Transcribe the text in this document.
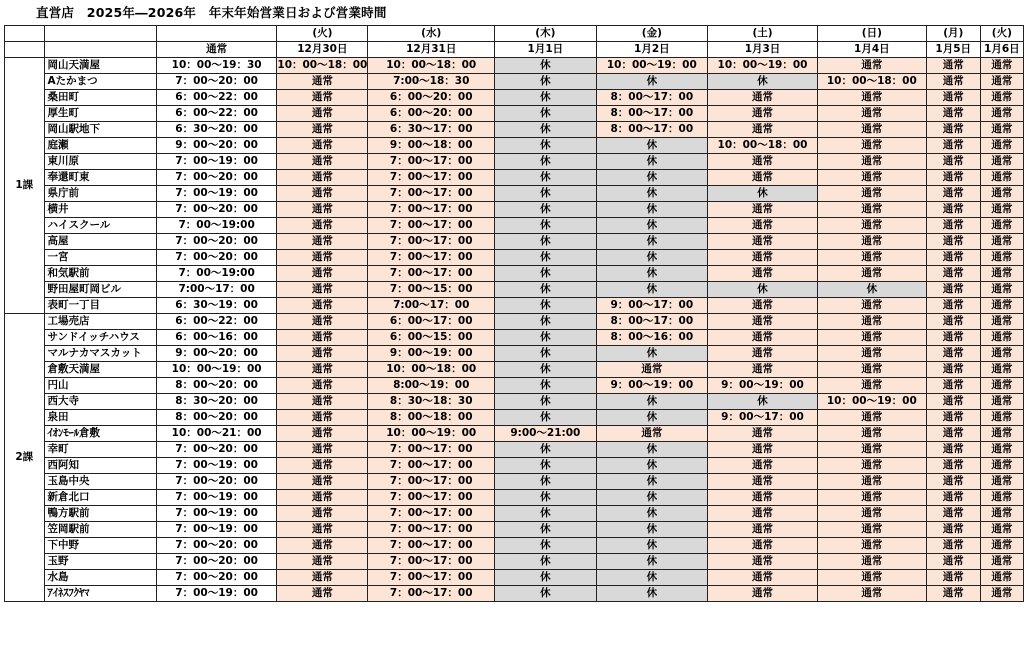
直営店　2025年―2026年　年末年始営業日および営業時間
			(火)	(水)	(木)	(金)	(土)	(日)	(月)	(火)
		通常	12月30日	12月31日	1月1日	1月2日	1月3日	1月4日	1月5日	1月6日
1課	岡山天満屋	10：00～19：30	10：00～18：00	10：00～18：00	休	10：00～19：00	10：00～19：00	通常	通常	通常
	Aたかまつ	7：00～20：00	通常	7:00～18：30	休	休	休	10：00～18：00	通常	通常
	桑田町	6：00～22：00	通常	6：00～20：00	休	8：00～17：00	通常	通常	通常	通常
	厚生町	6：00～22：00	通常	6：00～20：00	休	8：00～17：00	通常	通常	通常	通常
	岡山駅地下	6：30～20：00	通常	6：30～17：00	休	8：00～17：00	通常	通常	通常	通常
	庭瀬	9：00～20：00	通常	9：00～18：00	休	休	10：00～18：00	通常	通常	通常
	東川原	7：00～19：00	通常	7：00～17：00	休	休	通常	通常	通常	通常
	奉還町東	7：00～20：00	通常	7：00～17：00	休	休	通常	通常	通常	通常
	県庁前	7：00～19：00	通常	7：00～17：00	休	休	休	通常	通常	通常
	横井	7：00～20：00	通常	7：00～17：00	休	休	通常	通常	通常	通常
	ハイスクール	7：00～19:00	通常	7：00～17：00	休	休	通常	通常	通常	通常
	高屋	7：00～20：00	通常	7：00～17：00	休	休	通常	通常	通常	通常
	一宮	7：00～20：00	通常	7：00～17：00	休	休	通常	通常	通常	通常
	和気駅前	7：00～19:00	通常	7：00～17：00	休	休	通常	通常	通常	通常
	野田屋町岡ビル	7:00～17：00	通常	7：00～15：00	休	休	休	休	通常	通常
	表町一丁目	6：30～19：00	通常	7:00～17：00	休	9：00～17：00	通常	通常	通常	通常
2課	工場売店	6：00～22：00	通常	6：00～17：00	休	8：00～17：00	通常	通常	通常	通常
	サンドイッチハウス	6：00～16：00	通常	6：00～15：00	休	8：00～16：00	通常	通常	通常	通常
	マルナカマスカット	9：00～20：00	通常	9：00～19：00	休	休	通常	通常	通常	通常
	倉敷天満屋	10：00～19：00	通常	10：00～18：00	休	通常	通常	通常	通常	通常
	円山	8：00～20：00	通常	8:00～19：00	休	9：00～19：00	9：00～19：00	通常	通常	通常
	西大寺	8：30～20：00	通常	8：30～18：30	休	休	休	10：00～19：00	通常	通常
	泉田	8：00～20：00	通常	8：00～18：00	休	休	9：00～17：00	通常	通常	通常
	ｲｵﾝﾓｰﾙ倉敷	10：00～21：00	通常	10：00～19：00	9:00～21:00	通常	通常	通常	通常	通常
	幸町	7：00～20：00	通常	7：00～17：00	休	休	通常	通常	通常	通常
	西阿知	7：00～19：00	通常	7：00～17：00	休	休	通常	通常	通常	通常
	玉島中央	7：00～20：00	通常	7：00～17：00	休	休	通常	通常	通常	通常
	新倉北口	7：00～19：00	通常	7：00～17：00	休	休	通常	通常	通常	通常
	鴨方駅前	7：00～19：00	通常	7：00～17：00	休	休	通常	通常	通常	通常
	笠岡駅前	7：00～19：00	通常	7：00～17：00	休	休	通常	通常	通常	通常
	下中野	7：00～20：00	通常	7：00～17：00	休	休	通常	通常	通常	通常
	玉野	7：00～20：00	通常	7：00～17：00	休	休	通常	通常	通常	通常
	水島	7：00～20：00	通常	7：00～17：00	休	休	通常	通常	通常	通常
	ｱｲﾈｽﾌｸﾔﾏ	7：00～19：00	通常	7：00～17：00	休	休	通常	通常	通常	通常
